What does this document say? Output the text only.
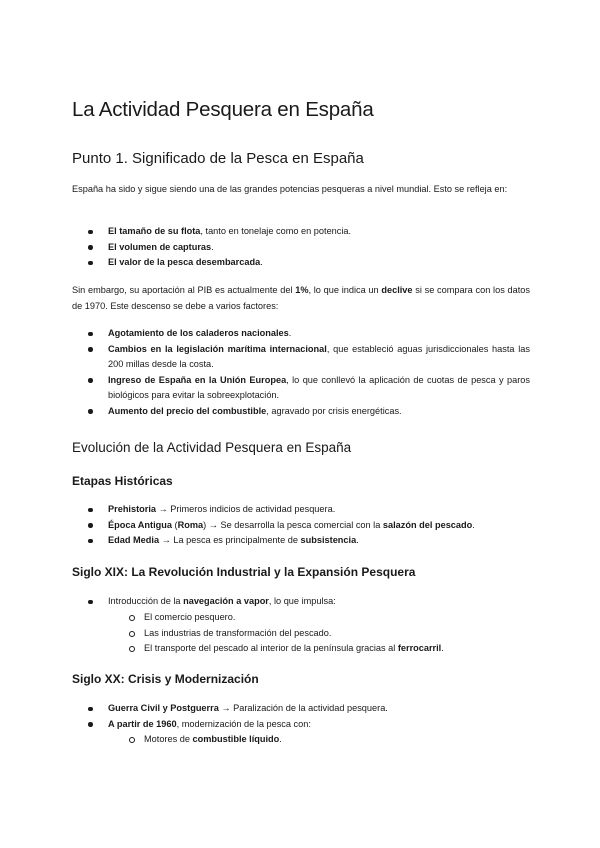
La Actividad Pesquera en España
Punto 1. Significado de la Pesca en España

España ha sido y sigue siendo una de las grandes potencias pesqueras a nivel mundial. Esto se refleja en:

El tamaño de su flota, tanto en tonelaje como en potencia.
El volumen de capturas.
El valor de la pesca desembarcada.

Sin embargo, su aportación al PIB es actualmente del 1%, lo que indica un declive si se compara con los datos de 1970. Este descenso se debe a varios factores:

Agotamiento de los caladeros nacionales.
Cambios en la legislación marítima internacional, que estableció aguas jurisdiccionales hasta las 200 millas desde la costa.
Ingreso de España en la Unión Europea, lo que conllevó la aplicación de cuotas de pesca y paros biológicos para evitar la sobreexplotación.
Aumento del precio del combustible, agravado por crisis energéticas.
Evolución de la Actividad Pesquera en España
Etapas Históricas
Prehistoria → Primeros indicios de actividad pesquera.
Época Antigua (Roma) → Se desarrolla la pesca comercial con la salazón del pescado.
Edad Media → La pesca es principalmente de subsistencia.
Siglo XIX: La Revolución Industrial y la Expansión Pesquera
Introducción de la navegación a vapor, lo que impulsa:
El comercio pesquero.
Las industrias de transformación del pescado.
El transporte del pescado al interior de la península gracias al ferrocarril.
Siglo XX: Crisis y Modernización
Guerra Civil y Postguerra → Paralización de la actividad pesquera.
A partir de 1960, modernización de la pesca con:
Motores de combustible líquido.
